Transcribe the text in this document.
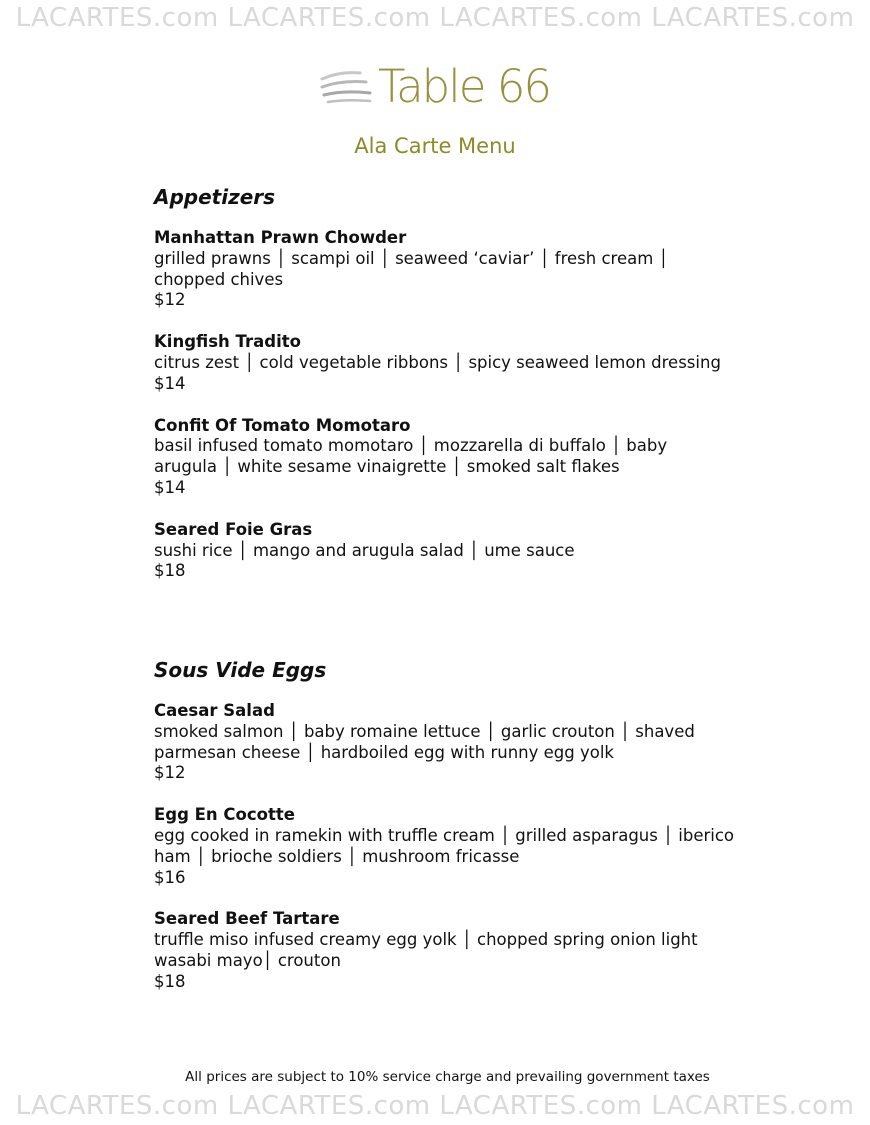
LACARTES.com LACARTES.com LACARTES.com LACARTES.com
Table 66
Ala Carte Menu
Appetizers
Manhattan Prawn Chowder
grilled prawns │ scampi oil │ seaweed ‘caviar’ │ fresh cream │ chopped chives
$12
Kingfish Tradito
citrus zest │ cold vegetable ribbons │ spicy seaweed lemon dressing
$14
Confit Of Tomato Momotaro
basil infused tomato momotaro │ mozzarella di buffalo │ baby arugula │ white sesame vinaigrette │ smoked salt flakes
$14
Seared Foie Gras
sushi rice │ mango and arugula salad │ ume sauce
$18
Sous Vide Eggs
Caesar Salad
smoked salmon │ baby romaine lettuce │ garlic crouton │ shaved parmesan cheese │ hardboiled egg with runny egg yolk
$12
Egg En Cocotte
egg cooked in ramekin with truffle cream │ grilled asparagus │ iberico ham │ brioche soldiers │ mushroom fricasse
$16
Seared Beef Tartare
truffle miso infused creamy egg yolk │ chopped spring onion light wasabi mayo│ crouton
$18
All prices are subject to 10% service charge and prevailing government taxes
LACARTES.com LACARTES.com LACARTES.com LACARTES.com
